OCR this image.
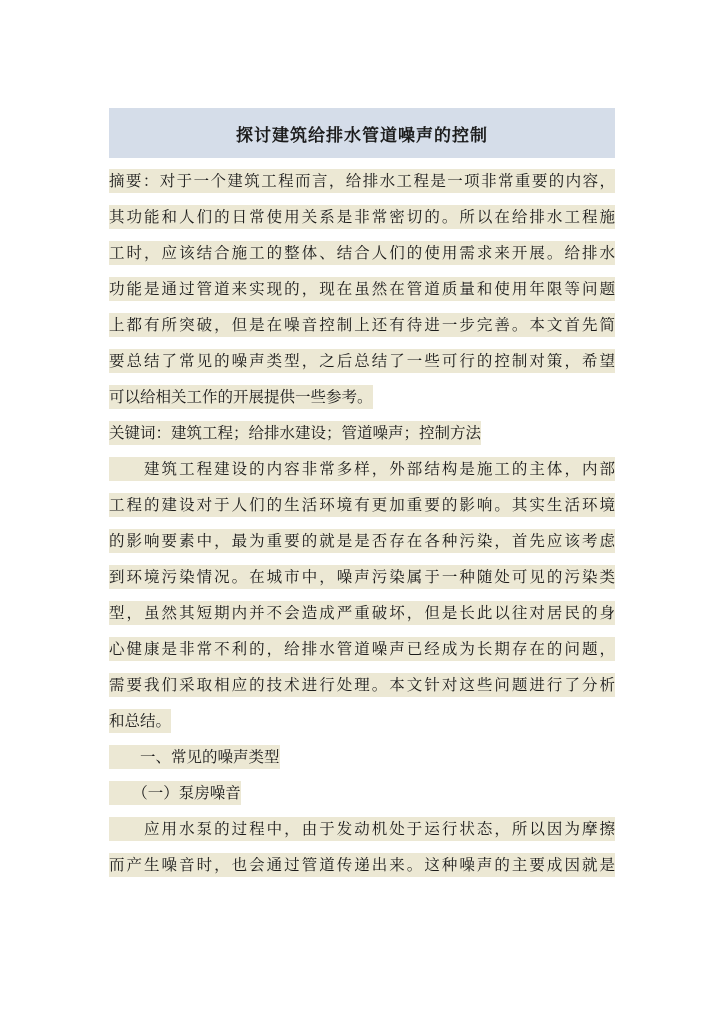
探讨建筑给排水管道噪声的控制
摘要：对于一个建筑工程而言，给排水工程是一项非常重要的内容，
其功能和人们的日常使用关系是非常密切的。所以在给排水工程施
工时，应该结合施工的整体、结合人们的使用需求来开展。给排水
功能是通过管道来实现的，现在虽然在管道质量和使用年限等问题
上都有所突破，但是在噪音控制上还有待进一步完善。本文首先简
要总结了常见的噪声类型，之后总结了一些可行的控制对策，希望
可以给相关工作的开展提供一些参考。
关键词：建筑工程；给排水建设；管道噪声；控制方法
　　建筑工程建设的内容非常多样，外部结构是施工的主体，内部
工程的建设对于人们的生活环境有更加重要的影响。其实生活环境
的影响要素中，最为重要的就是是否存在各种污染，首先应该考虑
到环境污染情况。在城市中，噪声污染属于一种随处可见的污染类
型，虽然其短期内并不会造成严重破坏，但是长此以往对居民的身
心健康是非常不利的，给排水管道噪声已经成为长期存在的问题，
需要我们采取相应的技术进行处理。本文针对这些问题进行了分析
和总结。
　　一、常见的噪声类型
　　（一）泵房噪音
　　应用水泵的过程中，由于发动机处于运行状态，所以因为摩擦
而产生噪音时，也会通过管道传递出来。这种噪声的主要成因就是
